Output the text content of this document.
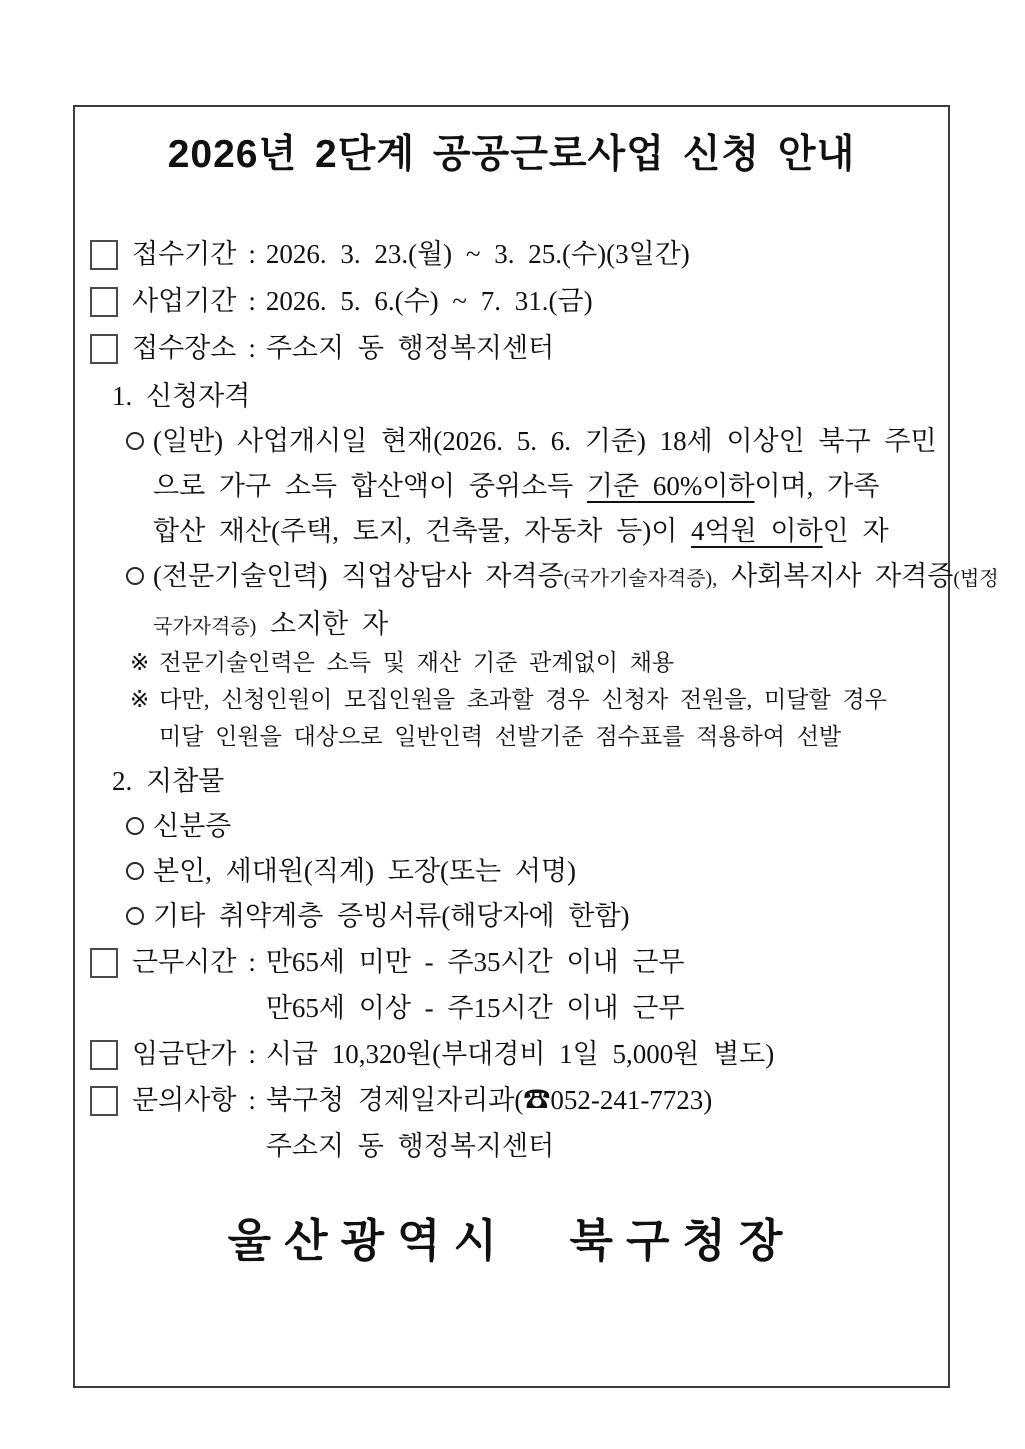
2026년 2단계 공공근로사업 신청 안내
접수기간 : 2026. 3. 23.(월) ~ 3. 25.(수)(3일간)
사업기간 : 2026. 5. 6.(수) ~ 7. 31.(금)
접수장소 : 주소지 동 행정복지센터
1. 신청자격
(일반) 사업개시일 현재(2026. 5. 6. 기준) 18세 이상인 북구 주민
으로 가구 소득 합산액이 중위소득 기준 60%이하이며, 가족
합산 재산(주택, 토지, 건축물, 자동차 등)이 4억원 이하인 자
(전문기술인력) 직업상담사 자격증(국가기술자격증), 사회복지사 자격증(법정
국가자격증) 소지한 자
※ 전문기술인력은 소득 및 재산 기준 관계없이 채용
※ 다만, 신청인원이 모집인원을 초과할 경우 신청자 전원을, 미달할 경우
미달 인원을 대상으로 일반인력 선발기준 점수표를 적용하여 선발
2. 지참물
신분증
본인, 세대원(직계) 도장(또는 서명)
기타 취약계층 증빙서류(해당자에 한함)
근무시간 : 만65세 미만 - 주35시간 이내 근무
만65세 이상 - 주15시간 이내 근무
임금단가 : 시급 10,320원(부대경비 1일 5,000원 별도)
문의사항 : 북구청 경제일자리과(☎052-241-7723)
주소지 동 행정복지센터
울산광역시 북구청장
